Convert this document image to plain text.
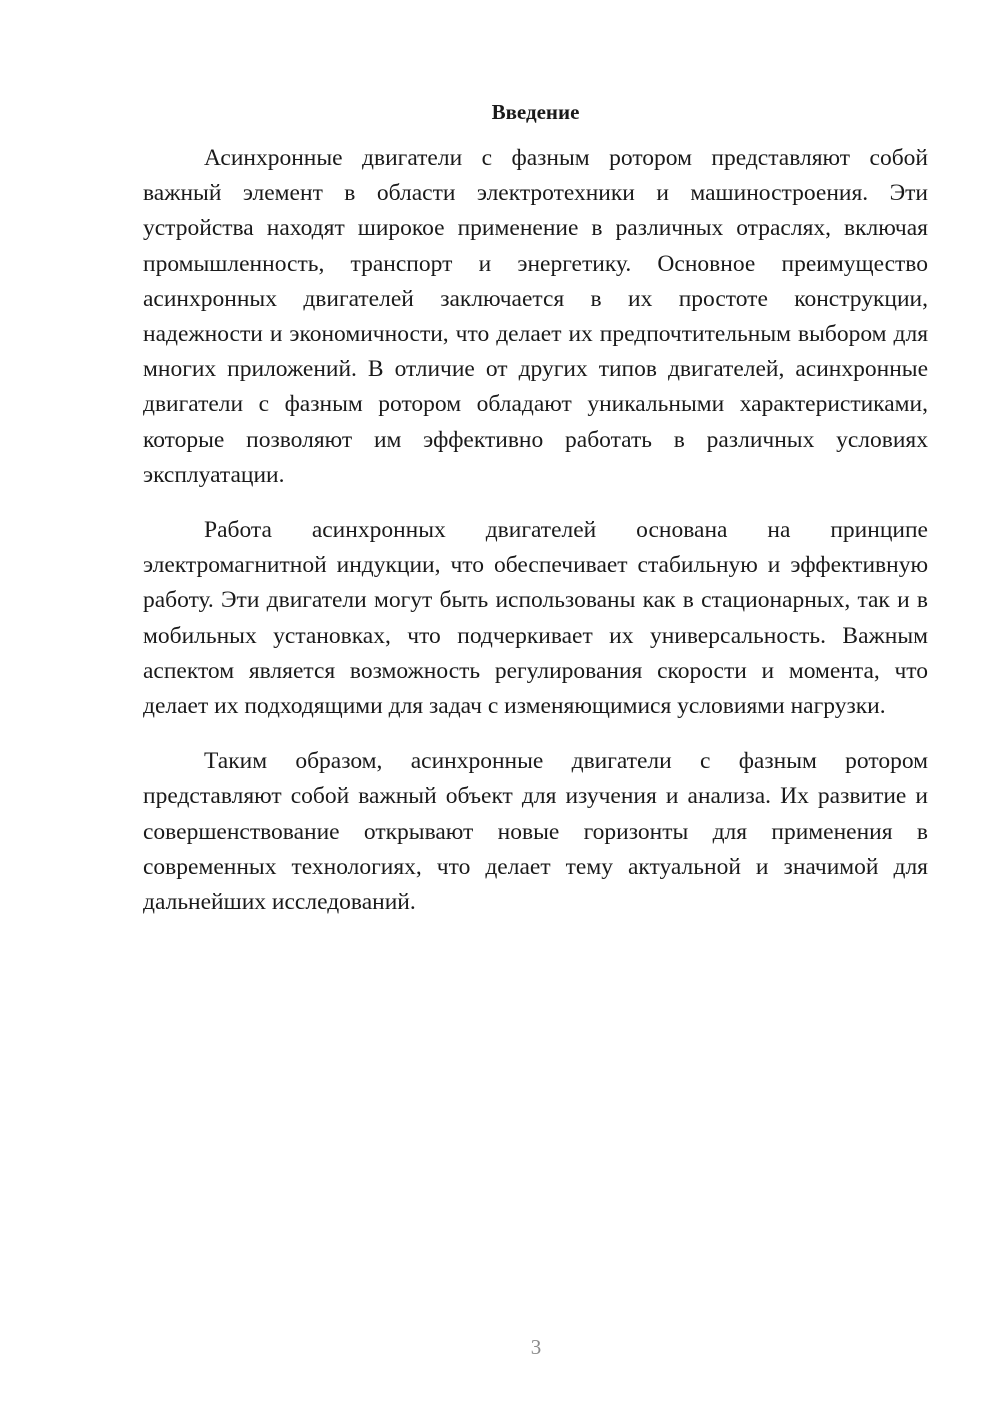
Введение

Асинхронные двигатели с фазным ротором представляют собой важный элемент в области электротехники и машиностроения. Эти устройства находят широкое применение в различных отраслях, включая промышленность, транспорт и энергетику. Основное преимущество асинхронных двигателей заключается в их простоте конструкции, надежности и экономичности, что делает их предпочтительным выбором для многих приложений. В отличие от других типов двигателей, асинхронные двигатели с фазным ротором обладают уникальными характеристиками, которые позволяют им эффективно работать в различных условиях эксплуатации.

Работа асинхронных двигателей основана на принципе электромагнитной индукции, что обеспечивает стабильную и эффективную работу. Эти двигатели могут быть использованы как в стационарных, так и в мобильных установках, что подчеркивает их универсальность. Важным аспектом является возможность регулирования скорости и момента, что делает их подходящими для задач с изменяющимися условиями нагрузки.

Таким образом, асинхронные двигатели с фазным ротором представляют собой важный объект для изучения и анализа. Их развитие и совершенствование открывают новые горизонты для применения в современных технологиях, что делает тему актуальной и значимой для дальнейших исследований.

3
